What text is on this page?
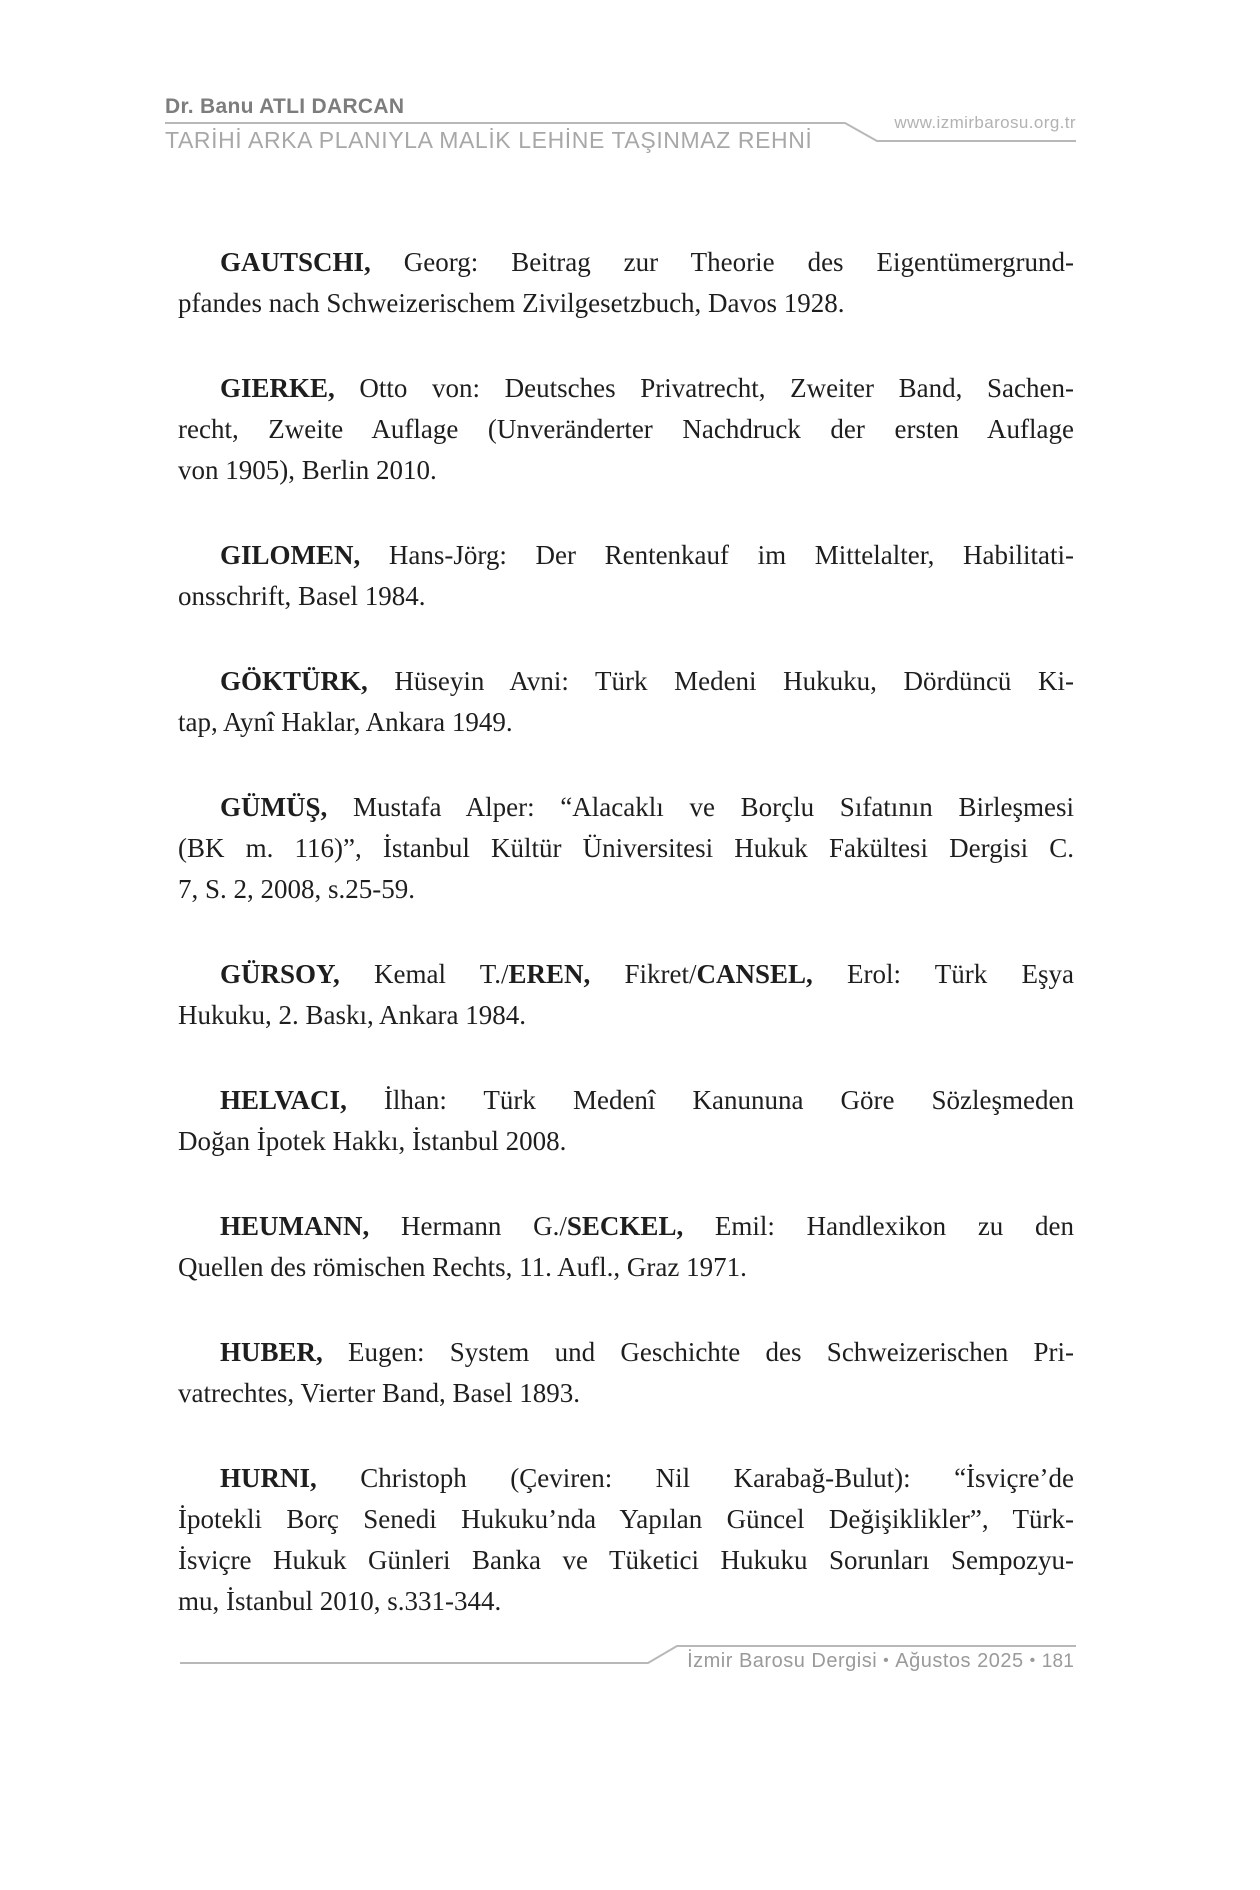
Dr. Banu ATLI DARCAN
TARİHİ ARKA PLANIYLA MALİK LEHİNE TAŞINMAZ REHNİ
www.izmirbarosu.org.tr
GAUTSCHI, Georg: Beitrag zur Theorie des Eigentümergrund-
pfandes nach Schweizerischem Zivilgesetzbuch, Davos 1928.
GIERKE, Otto von: Deutsches Privatrecht, Zweiter Band, Sachen-
recht, Zweite Auflage (Unveränderter Nachdruck der ersten Auflage
von 1905), Berlin 2010.
GILOMEN, Hans-Jörg: Der Rentenkauf im Mittelalter, Habilitati-
onsschrift, Basel 1984.
GÖKTÜRK, Hüseyin Avni: Türk Medeni Hukuku, Dördüncü Ki-
tap, Aynî Haklar, Ankara 1949.
GÜMÜŞ, Mustafa Alper: “Alacaklı ve Borçlu Sıfatının Birleşmesi
(BK m. 116)”, İstanbul Kültür Üniversitesi Hukuk Fakültesi Dergisi C.
7, S. 2, 2008, s.25-59.
GÜRSOY, Kemal T./EREN, Fikret/CANSEL, Erol: Türk Eşya
Hukuku, 2. Baskı, Ankara 1984.
HELVACI, İlhan: Türk Medenî Kanununa Göre Sözleşmeden
Doğan İpotek Hakkı, İstanbul 2008.
HEUMANN, Hermann G./SECKEL, Emil: Handlexikon zu den
Quellen des römischen Rechts, 11. Aufl., Graz 1971.
HUBER, Eugen: System und Geschichte des Schweizerischen Pri-
vatrechtes, Vierter Band, Basel 1893.
HURNI, Christoph (Çeviren: Nil Karabağ-Bulut): “İsviçre’de
İpotekli Borç Senedi Hukuku’nda Yapılan Güncel Değişiklikler”, Türk-
İsviçre Hukuk Günleri Banka ve Tüketici Hukuku Sorunları Sempozyu-
mu, İstanbul 2010, s.331-344.
İzmir Barosu Dergisi • Ağustos 2025 • 181
